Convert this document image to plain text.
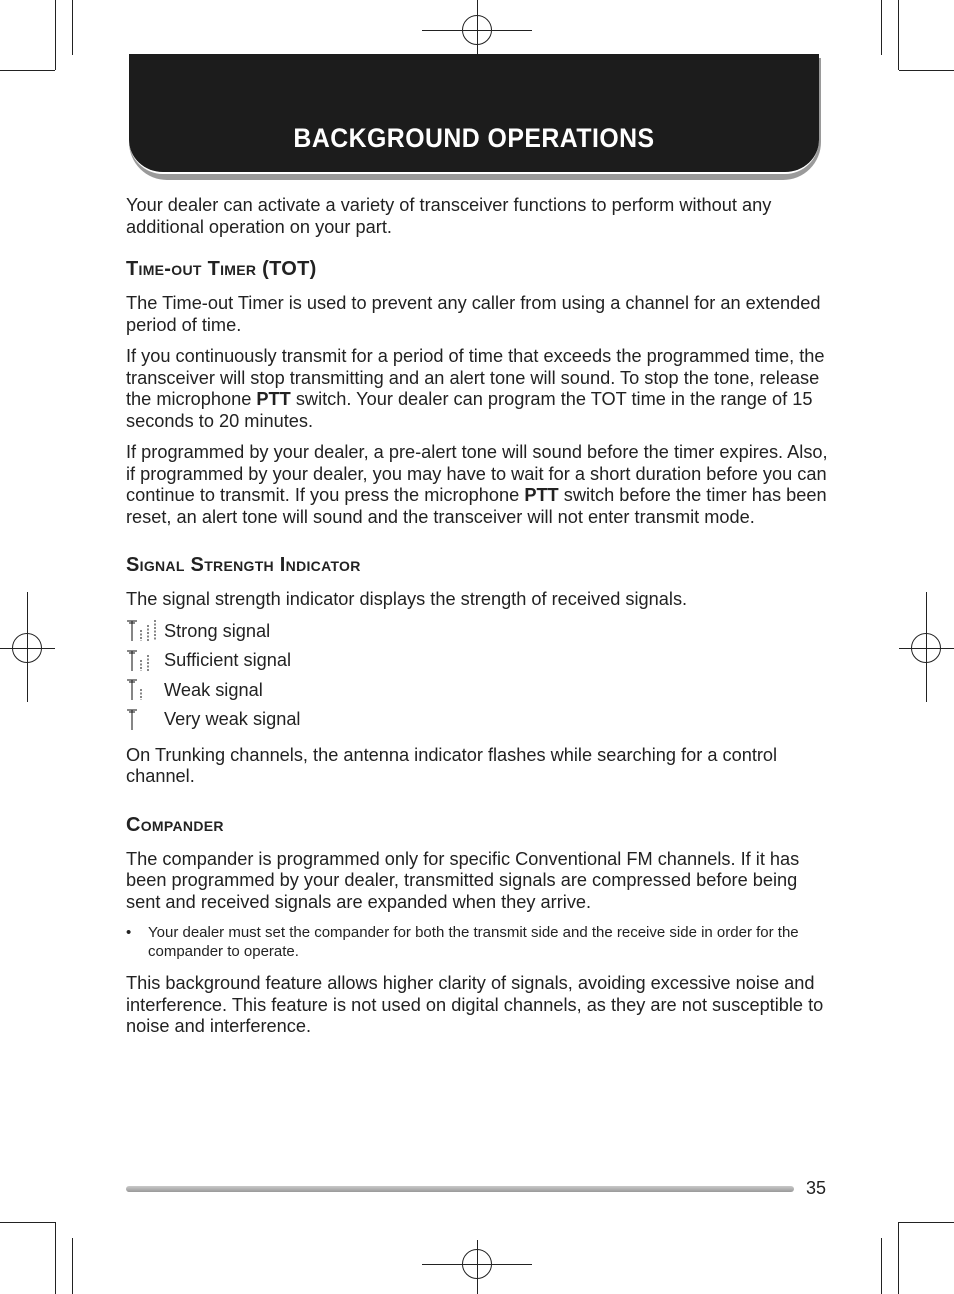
BACKGROUND OPERATIONS

Your dealer can activate a variety of transceiver functions to perform without any additional operation on your part.

Time-out Timer (TOT)

The Time-out Timer is used to prevent any caller from using a channel for an extended period of time.

If you continuously transmit for a period of time that exceeds the programmed time, the transceiver will stop transmitting and an alert tone will sound. To stop the tone, release the microphone PTT switch. Your dealer can program the TOT time in the range of 15 seconds to 20 minutes.

If programmed by your dealer, a pre-alert tone will sound before the timer expires. Also, if programmed by your dealer, you may have to wait for a short duration before you can continue to transmit. If you press the microphone PTT switch before the timer has been reset, an alert tone will sound and the transceiver will not enter transmit mode.

Signal Strength Indicator

The signal strength indicator displays the strength of received signals.

Strong signal
Sufficient signal
Weak signal
Very weak signal

On Trunking channels, the antenna indicator flashes while searching for a control channel.

Compander

The compander is programmed only for specific Conventional FM channels. If it has been programmed by your dealer, transmitted signals are compressed before being sent and received signals are expanded when they arrive.

•	Your dealer must set the compander for both the transmit side and the receive side in order for the compander to operate.

This background feature allows higher clarity of signals, avoiding excessive noise and interference. This feature is not used on digital channels, as they are not susceptible to noise and interference.

35
